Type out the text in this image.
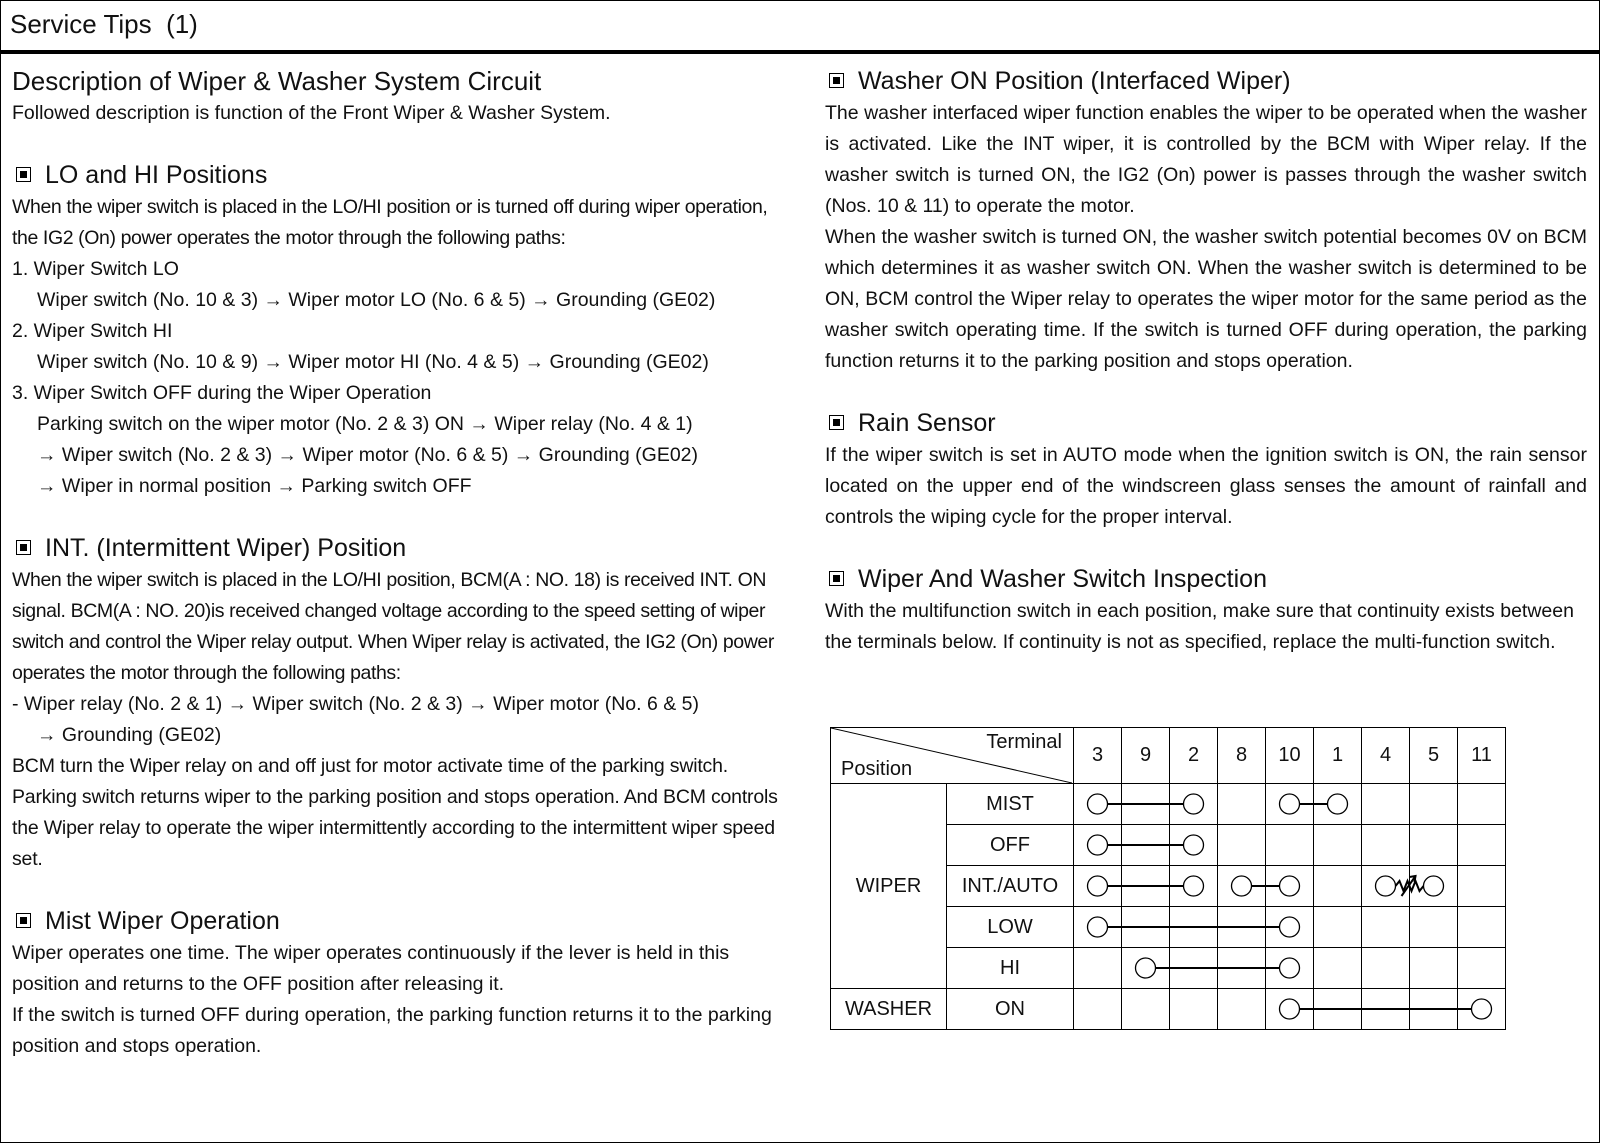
Service Tips (1)
Description of Wiper & Washer System Circuit

Followed description is function of the Front Wiper & Washer System.

LO and HI Positions

When the wiper switch is placed in the LO/HI position or is turned off during wiper operation, the IG2 (On) power operates the motor through the following paths:

1. Wiper Switch LO

Wiper switch (No. 10 & 3) → Wiper motor LO (No. 6 & 5) → Grounding (GE02)

2. Wiper Switch HI

Wiper switch (No. 10 & 9) → Wiper motor HI (No. 4 & 5) → Grounding (GE02)

3. Wiper Switch OFF during the Wiper Operation

Parking switch on the wiper motor (No. 2 & 3) ON → Wiper relay (No. 4 & 1)

→ Wiper switch (No. 2 & 3) → Wiper motor (No. 6 & 5) → Grounding (GE02)

→ Wiper in normal position → Parking switch OFF

INT. (Intermittent Wiper) Position

When the wiper switch is placed in the LO/HI position, BCM(A : NO. 18) is received INT. ON signal. BCM(A : NO. 20)is received changed voltage according to the speed setting of wiper switch and control the Wiper relay output. When Wiper relay is activated, the IG2 (On) power operates the motor through the following paths:

- Wiper relay (No. 2 & 1) → Wiper switch (No. 2 & 3) → Wiper motor (No. 6 & 5)

→ Grounding (GE02)

BCM turn the Wiper relay on and off just for motor activate time of the parking switch. Parking switch returns wiper to the parking position and stops operation. And BCM controls the Wiper relay to operate the wiper intermittently according to the intermittent wiper speed set.

Mist Wiper Operation

Wiper operates one time. The wiper operates continuously if the lever is held in this position and returns to the OFF position after releasing it.

If the switch is turned OFF during operation, the parking function returns it to the parking position and stops operation.

Washer ON Position (Interfaced Wiper)

The washer interfaced wiper function enables the wiper to be operated when the washer is activated. Like the INT wiper, it is controlled by the BCM with Wiper relay. If the washer switch is turned ON, the IG2 (On) power is passes through the washer switch (Nos. 10 & 11) to operate the motor.

When the washer switch is turned ON, the washer switch potential becomes 0V on BCM which determines it as washer switch ON. When the washer switch is determined to be ON, BCM control the Wiper relay to operates the wiper motor for the same period as the washer switch operating time. If the switch is turned OFF during operation, the parking function returns it to the parking position and stops operation.

Rain Sensor

If the wiper switch is set in AUTO mode when the ignition switch is ON, the rain sensor located on the upper end of the windscreen glass senses the amount of rainfall and controls the wiping cycle for the proper interval.

Wiper And Washer Switch Inspection

With the multifunction switch in each position, make sure that continuity exists between the terminals below. If continuity is not as specified, replace the multi-function switch.

Terminal
Position		3	9	2	8	10	1	4	5	11
WIPER	MIST									
	OFF									
	INT./AUTO									
	LOW									
	HI									
WASHER	ON									
